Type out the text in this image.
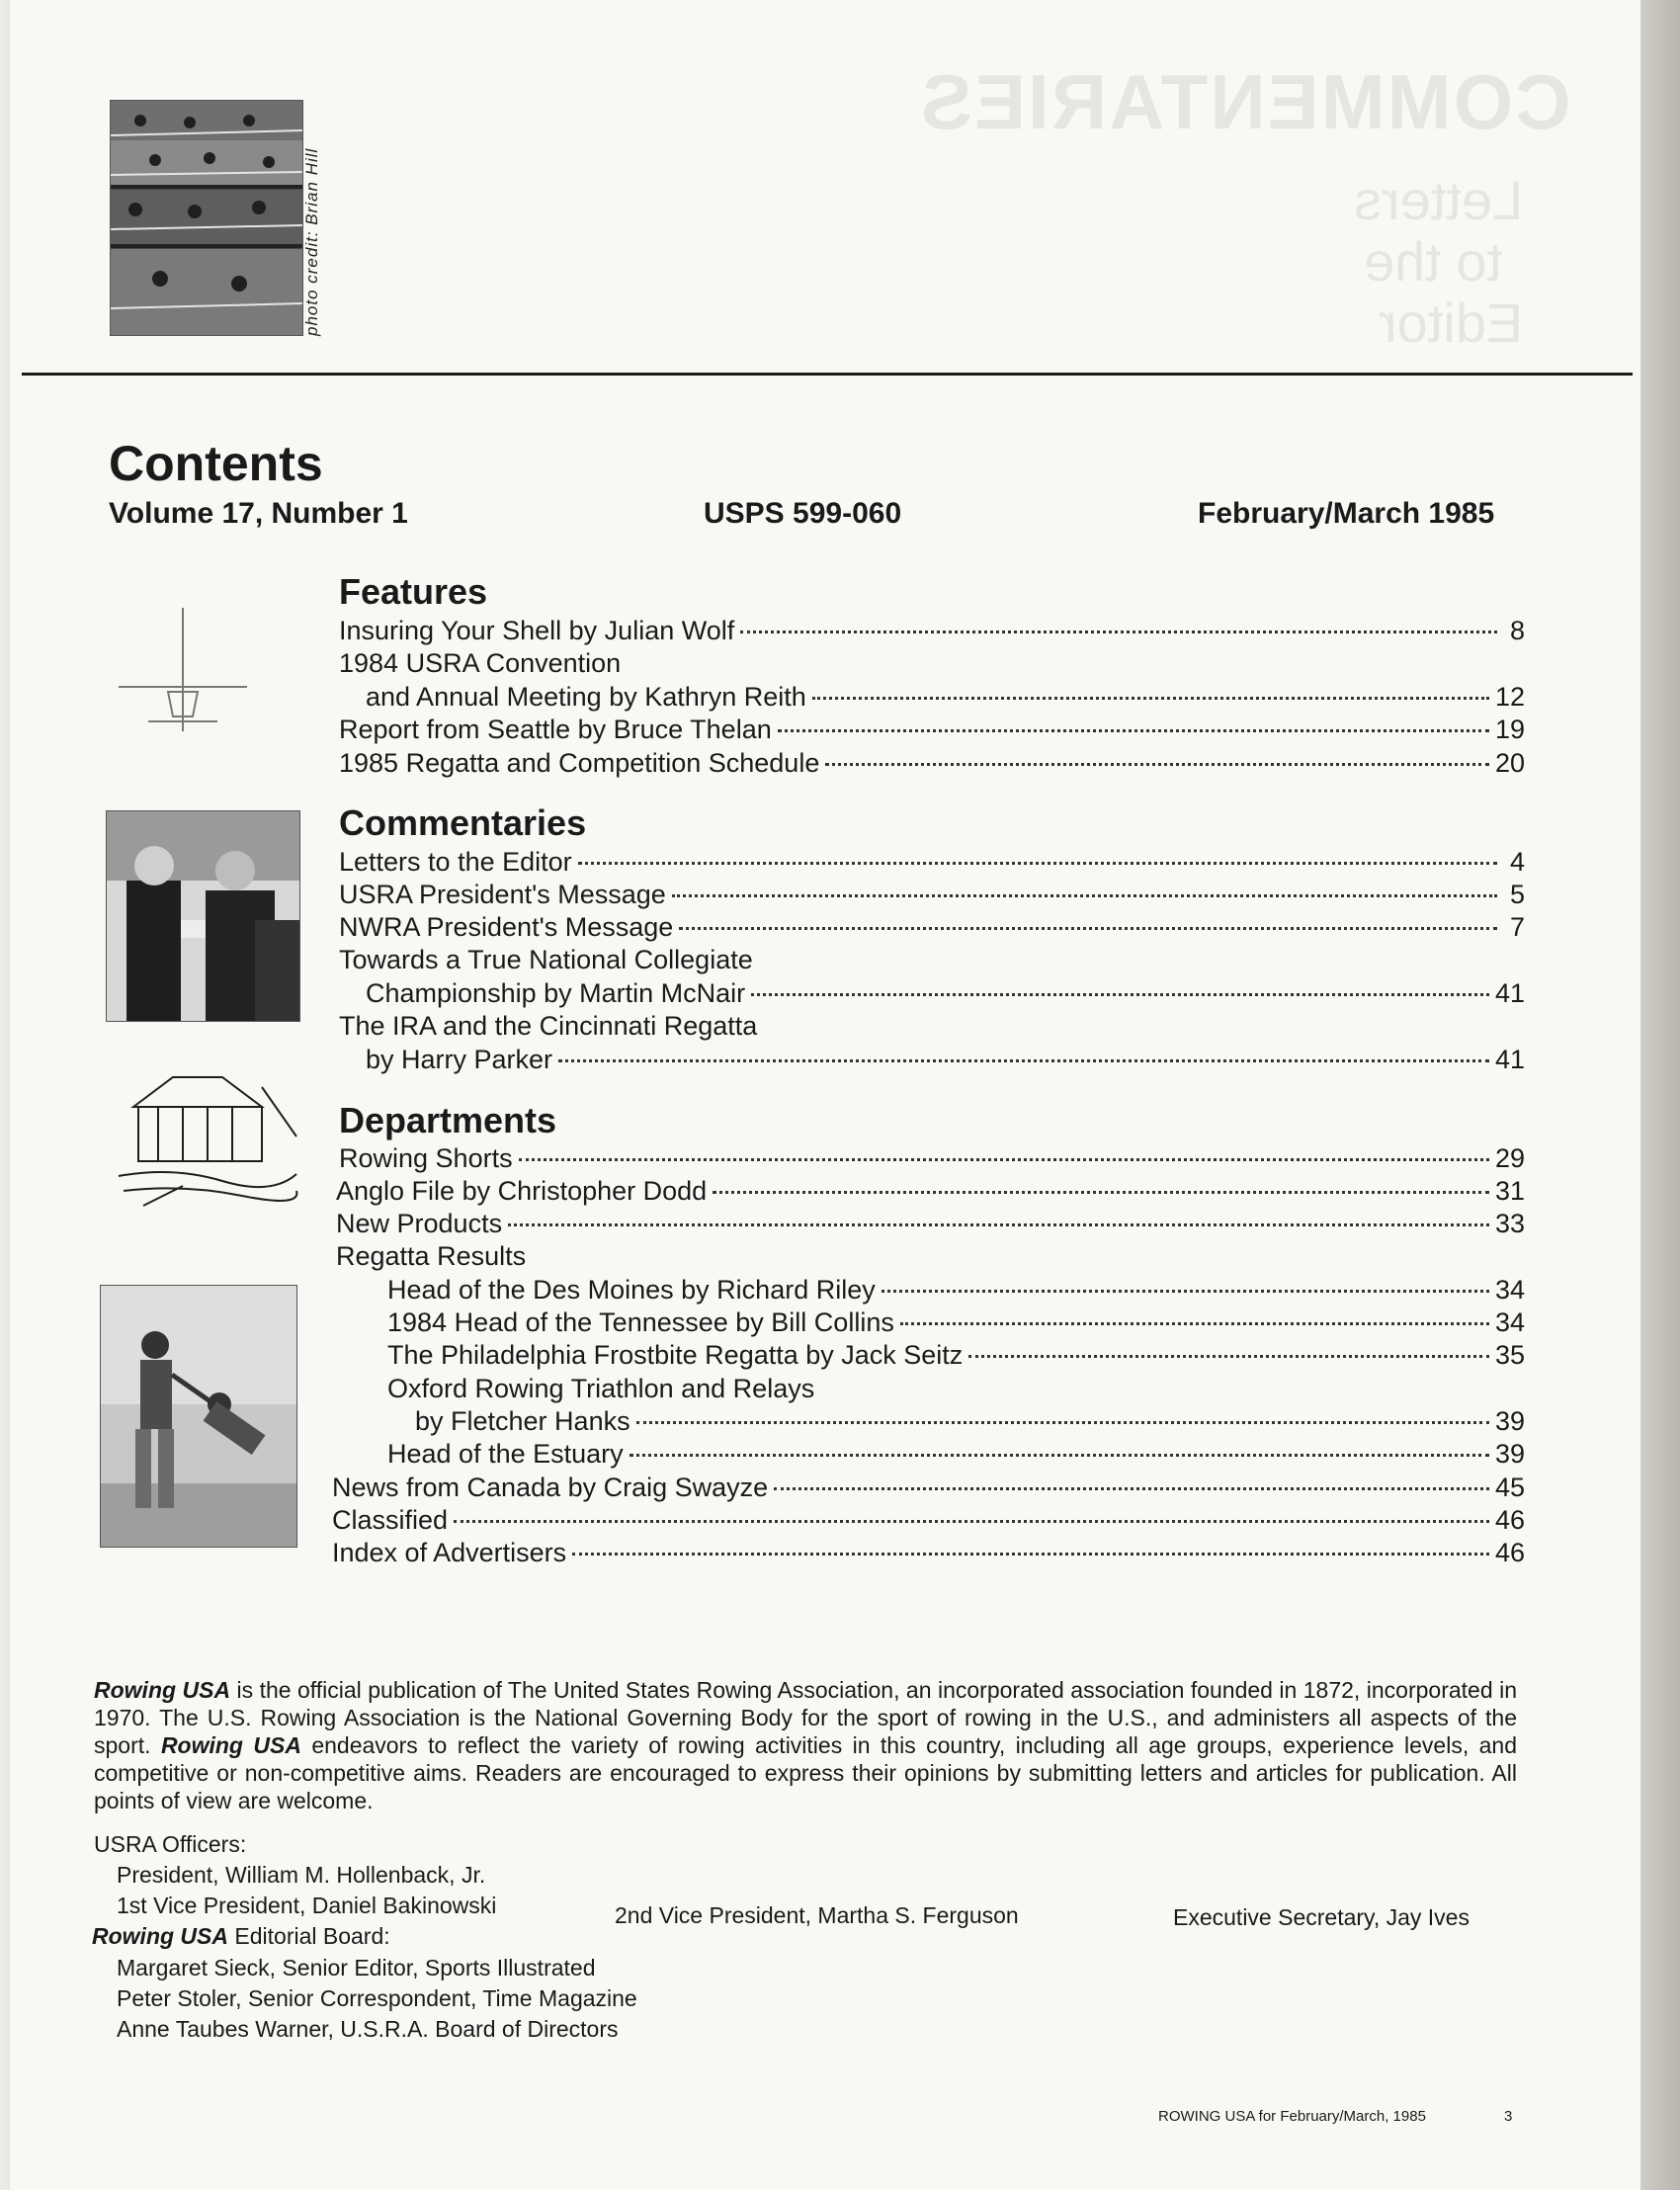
photo credit: Brian Hill
Contents
Volume 17, Number 1	USPS 599-060	February/March 1985
Features
Insuring Your Shell by Julian Wolf	8
1984 USRA Convention
and Annual Meeting by Kathryn Reith	12
Report from Seattle by Bruce Thelan	19
1985 Regatta and Competition Schedule	20
Commentaries
Letters to the Editor	4
USRA President's Message	5
NWRA President's Message	7
Towards a True National Collegiate
Championship by Martin McNair	41
The IRA and the Cincinnati Regatta
by Harry Parker	41
Departments
Rowing Shorts	29
Anglo File by Christopher Dodd	31
New Products	33
Regatta Results
Head of the Des Moines by Richard Riley	34
1984 Head of the Tennessee by Bill Collins	34
The Philadelphia Frostbite Regatta by Jack Seitz	35
Oxford Rowing Triathlon and Relays
by Fletcher Hanks	39
Head of the Estuary	39
News from Canada by Craig Swayze	45
Classified	46
Index of Advertisers	46
Rowing USA is the official publication of The United States Rowing Association, an incorporated association founded in 1872, incorporated in 1970. The U.S. Rowing Association is the National Governing Body for the sport of rowing in the U.S., and administers all aspects of the sport. Rowing USA endeavors to reflect the variety of rowing activities in this country, including all age groups, experience levels, and competitive or non-competitive aims. Readers are encouraged to express their opinions by submitting letters and articles for publication. All points of view are welcome.
USRA Officers:
President, William M. Hollenback, Jr.
1st Vice President, Daniel Bakinowski	2nd Vice President, Martha S. Ferguson	Executive Secretary, Jay Ives
Rowing USA Editorial Board:
Margaret Sieck, Senior Editor, Sports Illustrated
Peter Stoler, Senior Correspondent, Time Magazine
Anne Taubes Warner, U.S.R.A. Board of Directors
ROWING USA for February/March, 1985	3
